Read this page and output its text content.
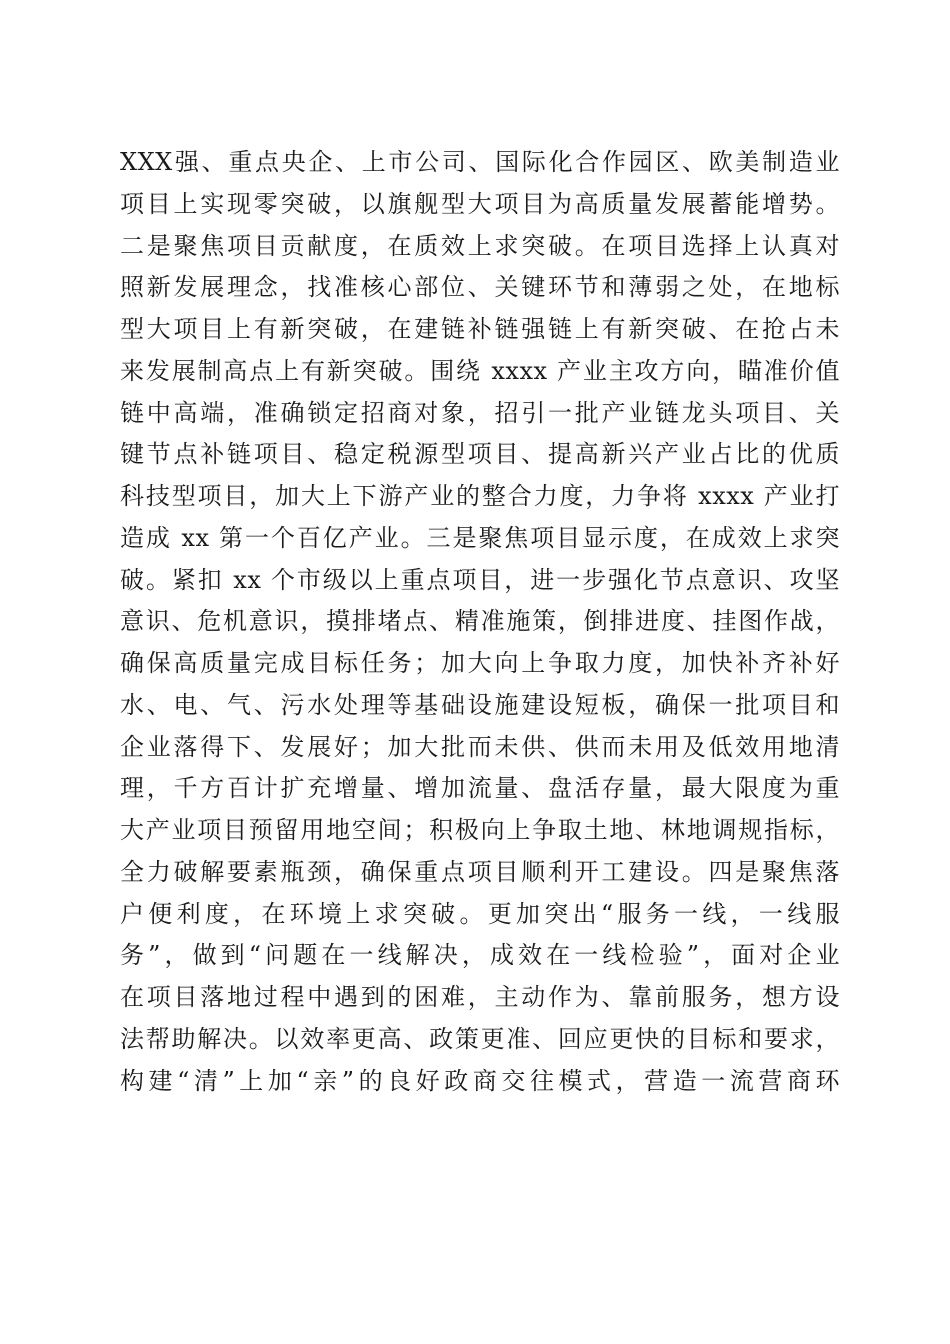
XXX强、重点央企、上市公司、国际化合作园区、欧美制造业
项目上实现零突破，以旗舰型大项目为高质量发展蓄能增势。
二是聚焦项目贡献度，在质效上求突破。在项目选择上认真对
照新发展理念，找准核心部位、关键环节和薄弱之处，在地标
型大项目上有新突破，在建链补链强链上有新突破、在抢占未
来发展制高点上有新突破。围绕 xxxx 产业主攻方向，瞄准价值
链中高端，准确锁定招商对象，招引一批产业链龙头项目、关
键节点补链项目、稳定税源型项目、提高新兴产业占比的优质
科技型项目，加大上下游产业的整合力度，力争将 xxxx 产业打
造成 xx 第一个百亿产业。三是聚焦项目显示度，在成效上求突
破。紧扣 xx 个市级以上重点项目，进一步强化节点意识、攻坚
意识、危机意识，摸排堵点、精准施策，倒排进度、挂图作战，
确保高质量完成目标任务；加大向上争取力度，加快补齐补好
水、电、气、污水处理等基础设施建设短板，确保一批项目和
企业落得下、发展好；加大批而未供、供而未用及低效用地清
理，千方百计扩充增量、增加流量、盘活存量，最大限度为重
大产业项目预留用地空间；积极向上争取土地、林地调规指标，
全力破解要素瓶颈，确保重点项目顺利开工建设。四是聚焦落
户便利度，在环境上求突破。更加突出“服务一线，一线服
务”，做到“问题在一线解决，成效在一线检验”，面对企业
在项目落地过程中遇到的困难，主动作为、靠前服务，想方设
法帮助解决。以效率更高、政策更准、回应更快的目标和要求，
构建“清”上加“亲”的良好政商交往模式，营造一流营商环
